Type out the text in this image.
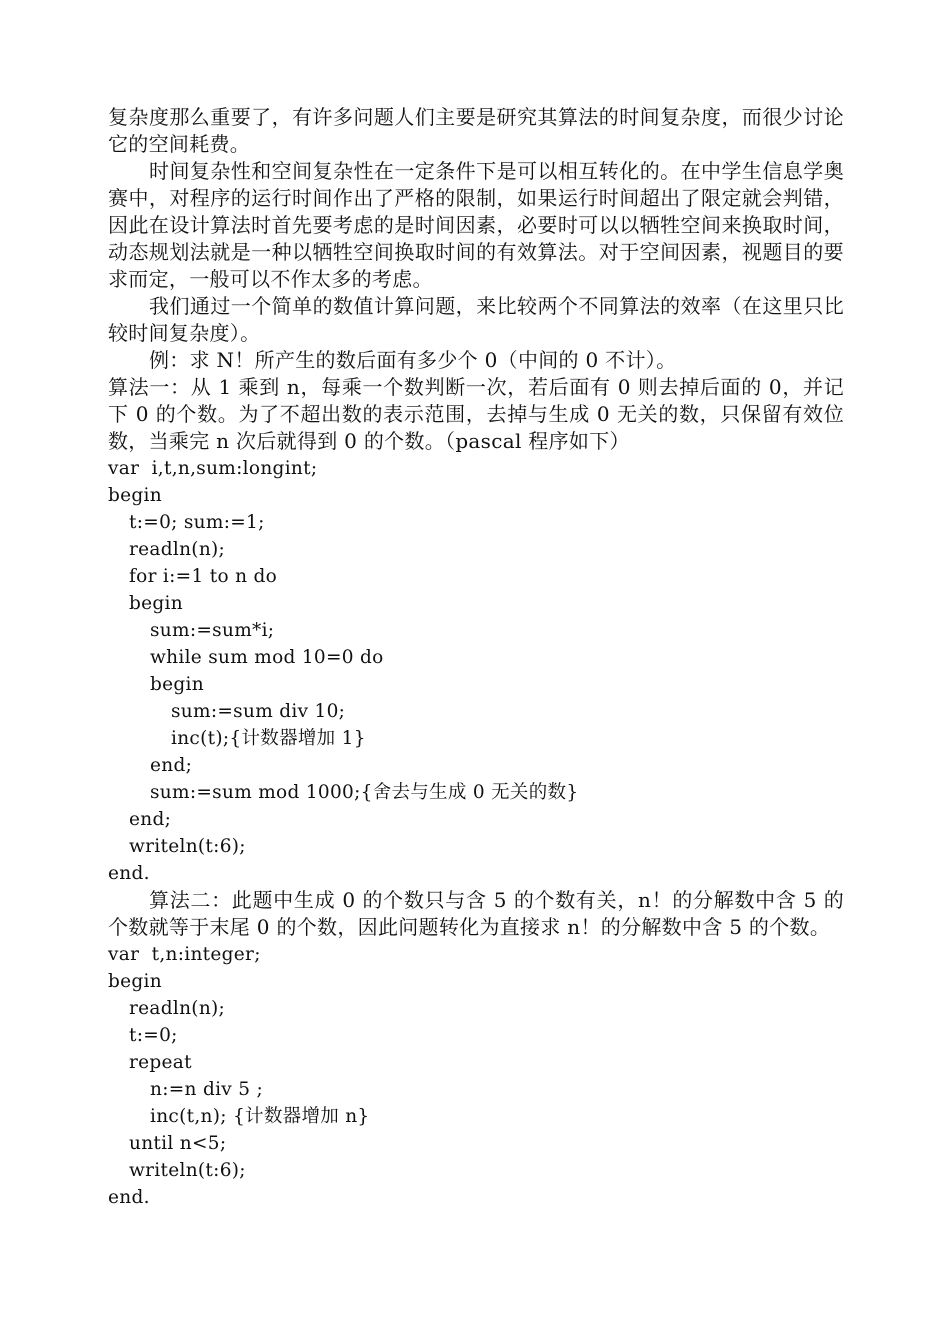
复杂度那么重要了，有许多问题人们主要是研究其算法的时间复杂度，而很少讨论它的空间耗费。

时间复杂性和空间复杂性在一定条件下是可以相互转化的。在中学生信息学奥赛中，对程序的运行时间作出了严格的限制，如果运行时间超出了限定就会判错，因此在设计算法时首先要考虑的是时间因素，必要时可以以牺牲空间来换取时间，动态规划法就是一种以牺牲空间换取时间的有效算法。对于空间因素，视题目的要求而定，一般可以不作太多的考虑。

我们通过一个简单的数值计算问题，来比较两个不同算法的效率（在这里只比较时间复杂度）。

例：求 N！所产生的数后面有多少个 0（中间的 0 不计）。

算法一：从 1 乘到 n，每乘一个数判断一次，若后面有 0 则去掉后面的 0，并记下 0 的个数。为了不超出数的表示范围，去掉与生成 0 无关的数，只保留有效位数，当乘完 n 次后就得到 0 的个数。（pascal 程序如下）

var  i,t,n,sum:longint;

begin

t:=0; sum:=1;

readln(n);

for i:=1 to n do

begin

sum:=sum*i;

while sum mod 10=0 do

begin

sum:=sum div 10;

inc(t);{计数器增加 1}

end;

sum:=sum mod 1000;{舍去与生成 0 无关的数}

end;

writeln(t:6);

end.

算法二：此题中生成 0 的个数只与含 5 的个数有关，n！的分解数中含 5 的个数就等于末尾 0 的个数，因此问题转化为直接求 n！的分解数中含 5 的个数。

var  t,n:integer;

begin

readln(n);

t:=0;

repeat

n:=n div 5 ;

inc(t,n); {计数器增加 n}

until n<5;

writeln(t:6);

end.
